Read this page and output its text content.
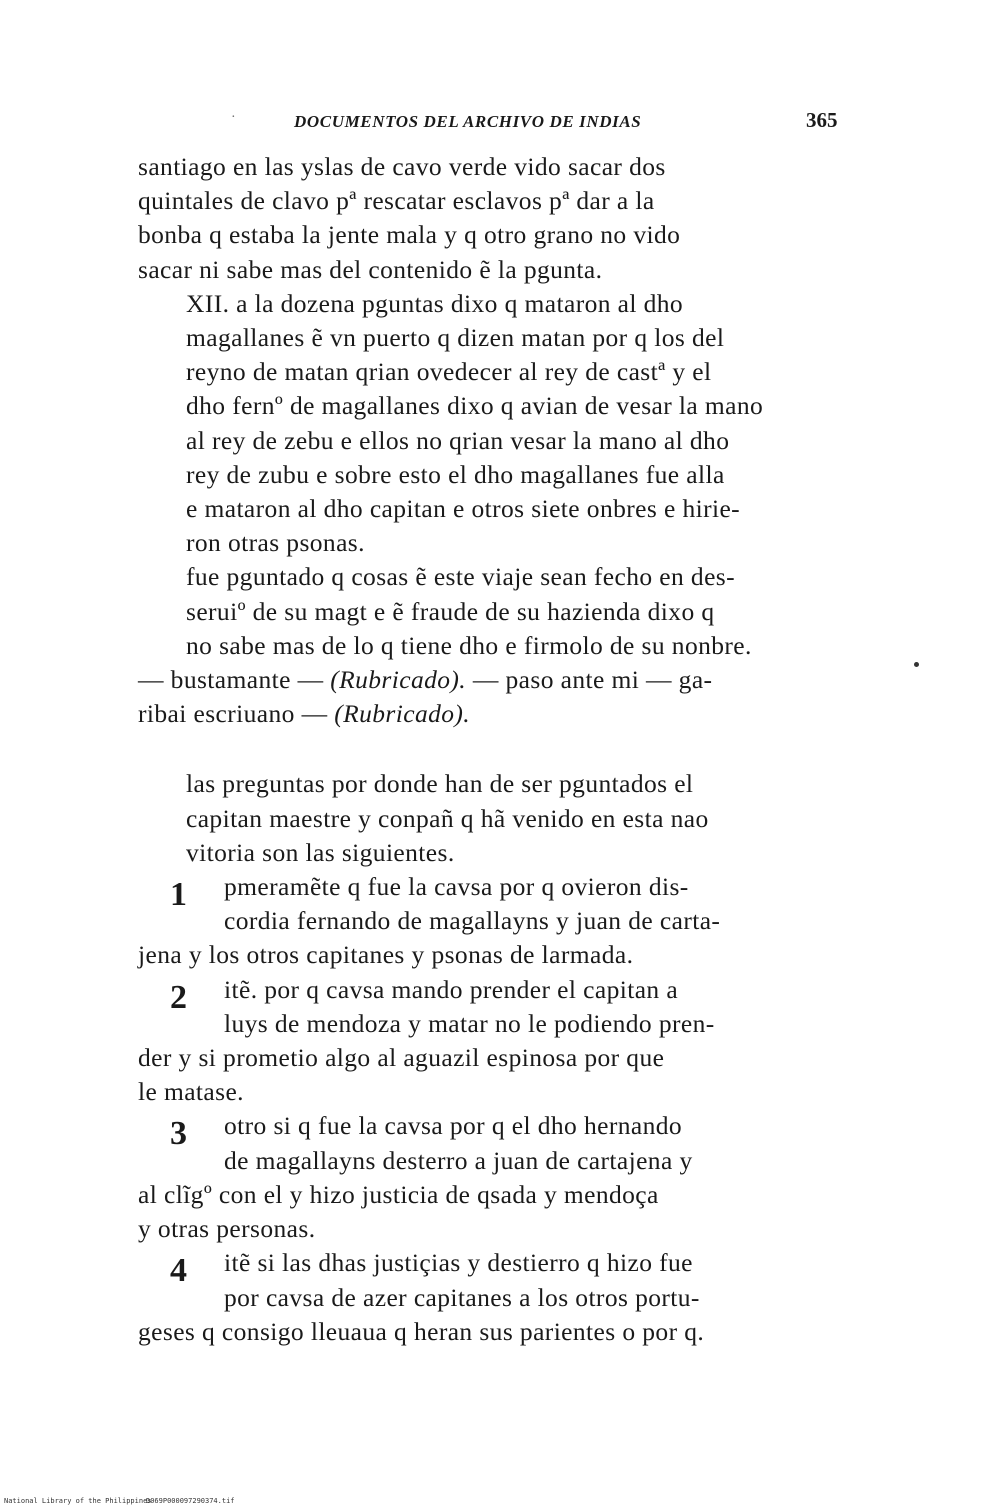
·	DOCUMENTOS DEL ARCHIVO DE INDIAS	365

santiago en las yslas de cavo verde vido sacar dos
quintales de clavo pª rescatar esclavos pª dar a la
bonba q estaba la jente mala y q otro grano no vido
sacar ni sabe mas del contenido ẽ la pgunta.

XII. a la dozena pguntas dixo q mataron al dho
magallanes ẽ vn puerto q dizen matan por q los del
reyno de matan qrian ovedecer al rey de castª y el
dho fernº de magallanes dixo q avian de vesar la mano
al rey de zebu e ellos no qrian vesar la mano al dho
rey de zubu e sobre esto el dho magallanes fue alla
e mataron al dho capitan e otros siete onbres e hirie-
ron otras psonas.

fue pguntado q cosas ẽ este viaje sean fecho en des-
seruiº de su magt e ẽ fraude de su hazienda dixo q
no sabe mas de lo q tiene dho e firmolo de su nonbre.
— bustamante — (Rubricado). — paso ante mi — ga-
ribai escriuano — (Rubricado).

las preguntas por donde han de ser pguntados el
capitan maestre y conpañ q hã venido en esta nao
vitoria son las siguientes.

1	pmeramẽte q fue la cavsa por q ovieron dis-
cordia fernando de magallayns y juan de carta-
jena y los otros capitanes y psonas de larmada.
2	itẽ. por q cavsa mando prender el capitan a
luys de mendoza y matar no le podiendo pren-
der y si prometio algo al aguazil espinosa por que
le matase.
3	otro si q fue la cavsa por q el dho hernando
de magallayns desterro a juan de cartajena y
al clĩgº con el y hizo justicia de qsada y mendoça
y otras personas.
4	itẽ si las dhas justiçias y destierro q hizo fue
por cavsa de azer capitanes a los otros portu-
geses q consigo lleuaua q heran sus parientes o por q.
National Library of the Philippines
D069P000097290374.tif
